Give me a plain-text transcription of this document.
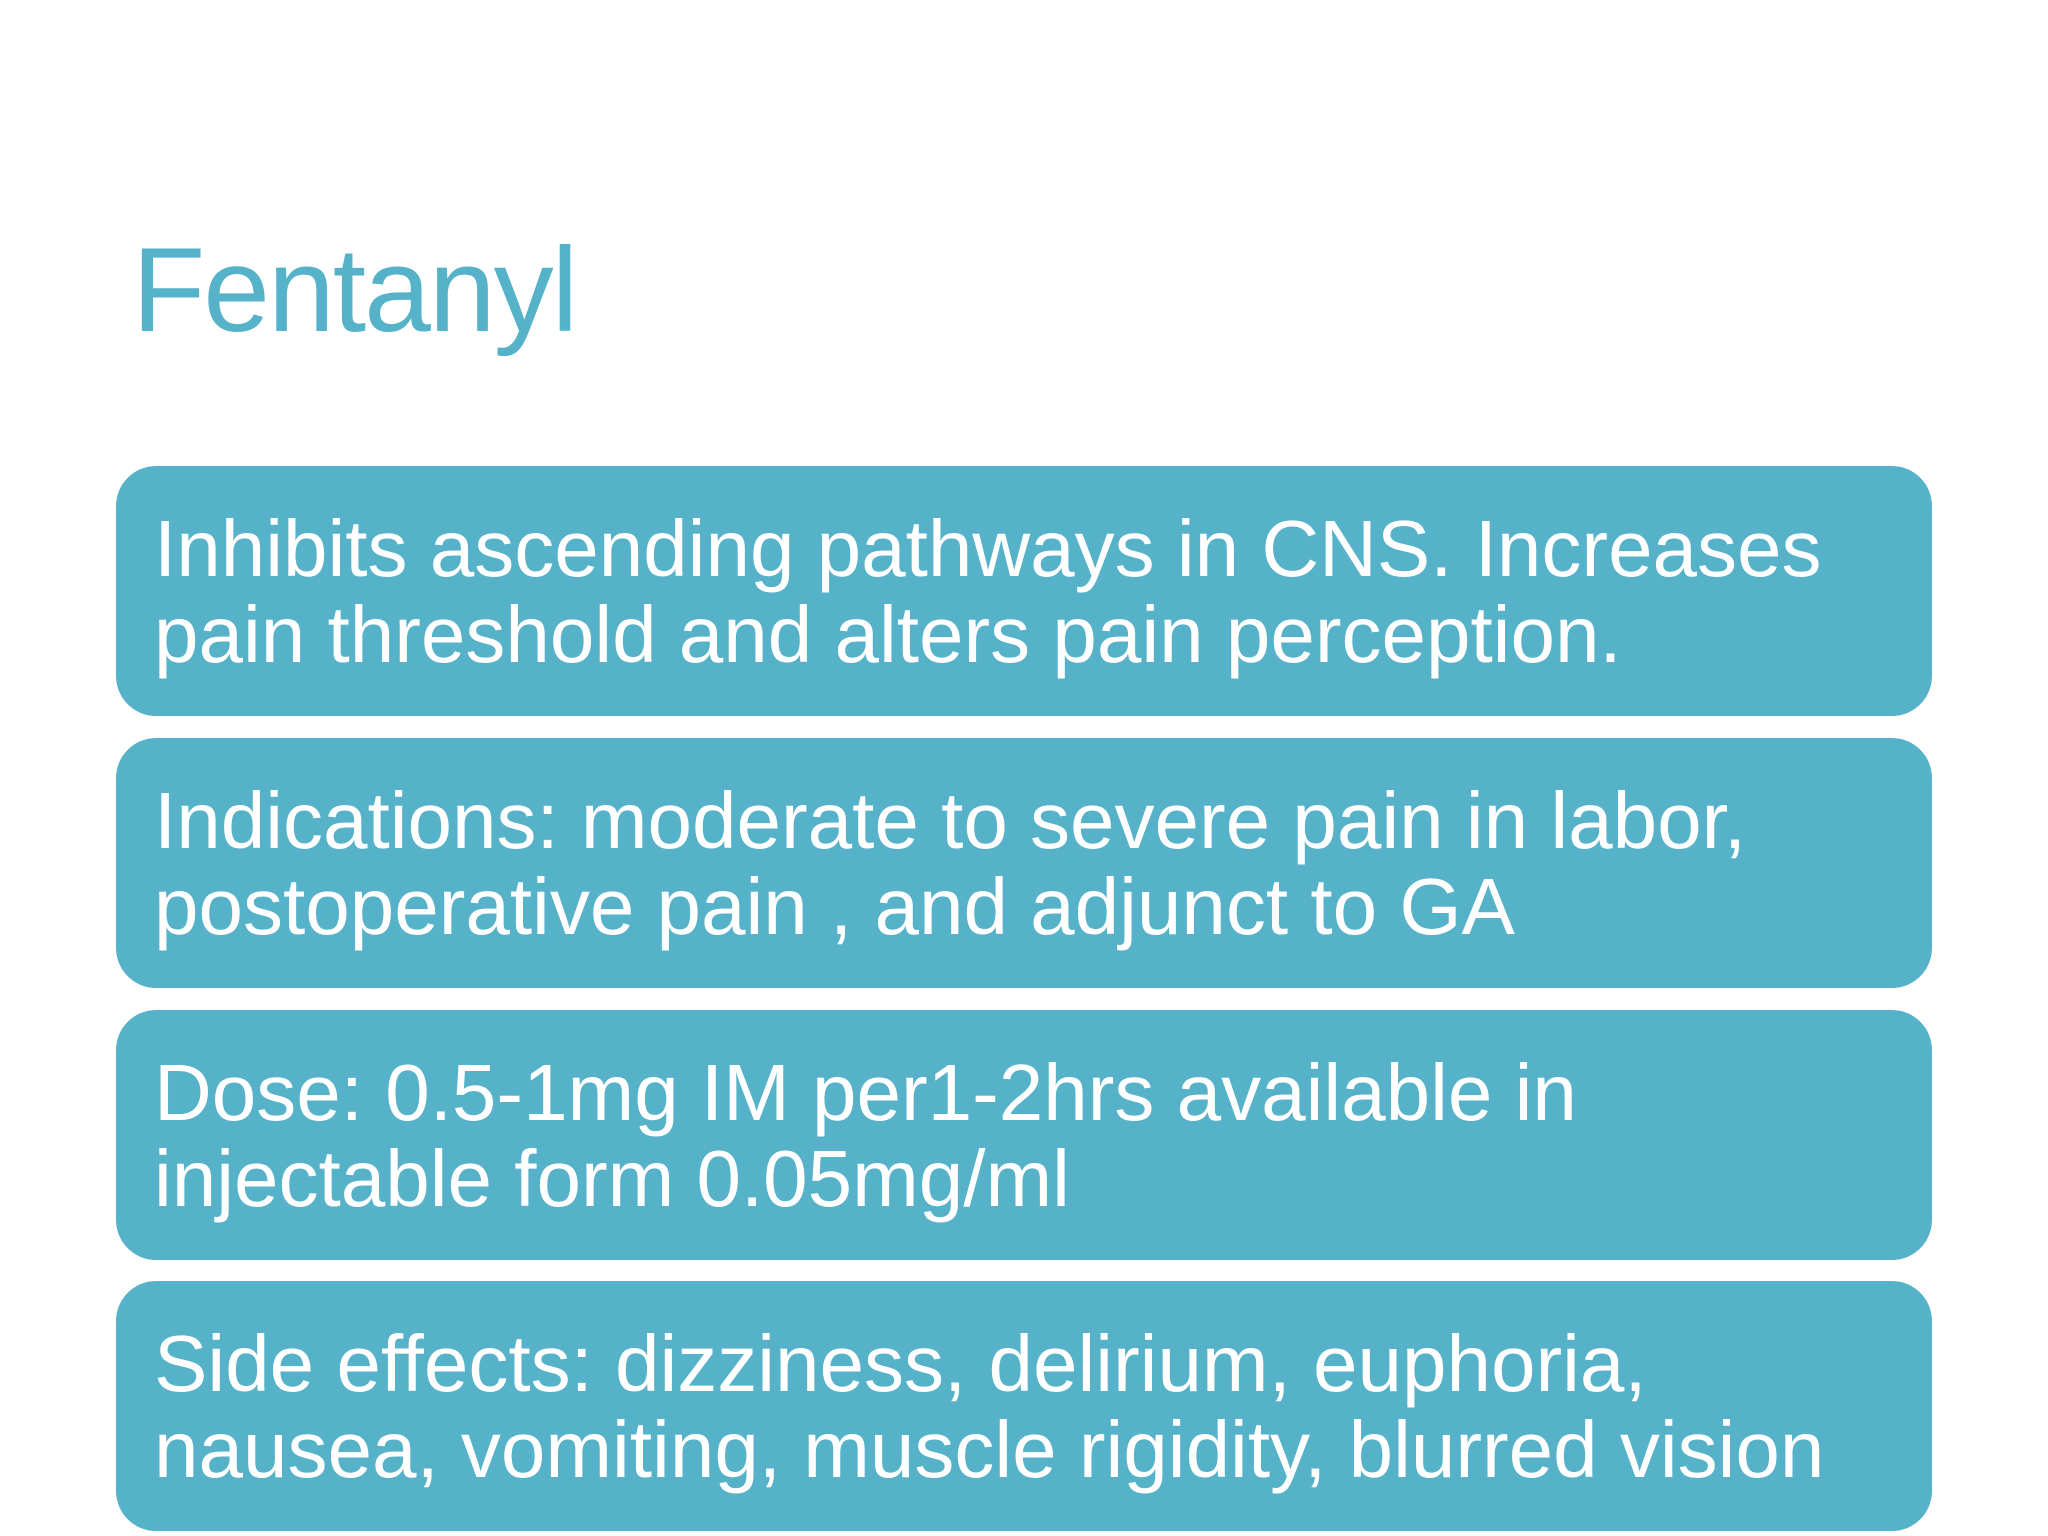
Fentanyl
Inhibits ascending pathways in CNS. Increases
pain threshold and alters pain perception.
Indications: moderate to severe pain in labor,
postoperative pain , and adjunct to GA
Dose: 0.5-1mg IM per1-2hrs available in
injectable form 0.05mg/ml
Side effects: dizziness, delirium, euphoria,
nausea, vomiting, muscle rigidity, blurred vision
